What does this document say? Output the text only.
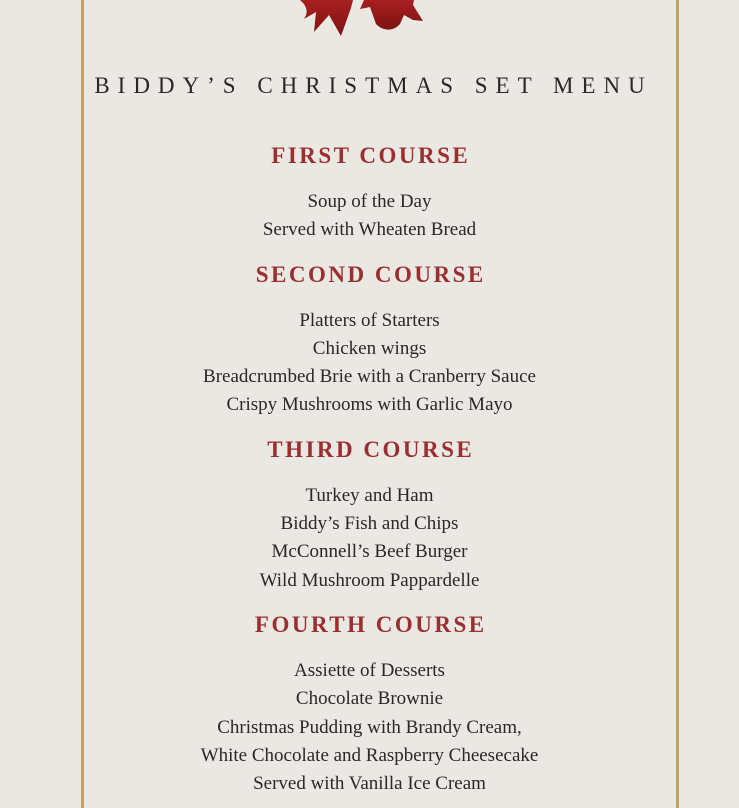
BIDDY’S CHRISTMAS SET MENU
FIRST COURSE
Soup of the Day
Served with Wheaten Bread
SECOND COURSE
Platters of Starters
Chicken wings
Breadcrumbed Brie with a Cranberry Sauce
Crispy Mushrooms with Garlic Mayo
THIRD COURSE
Turkey and Ham
Biddy’s Fish and Chips
McConnell’s Beef Burger
Wild Mushroom Pappardelle
FOURTH COURSE
Assiette of Desserts
Chocolate Brownie
Christmas Pudding with Brandy Cream,
White Chocolate and Raspberry Cheesecake
Served with Vanilla Ice Cream
